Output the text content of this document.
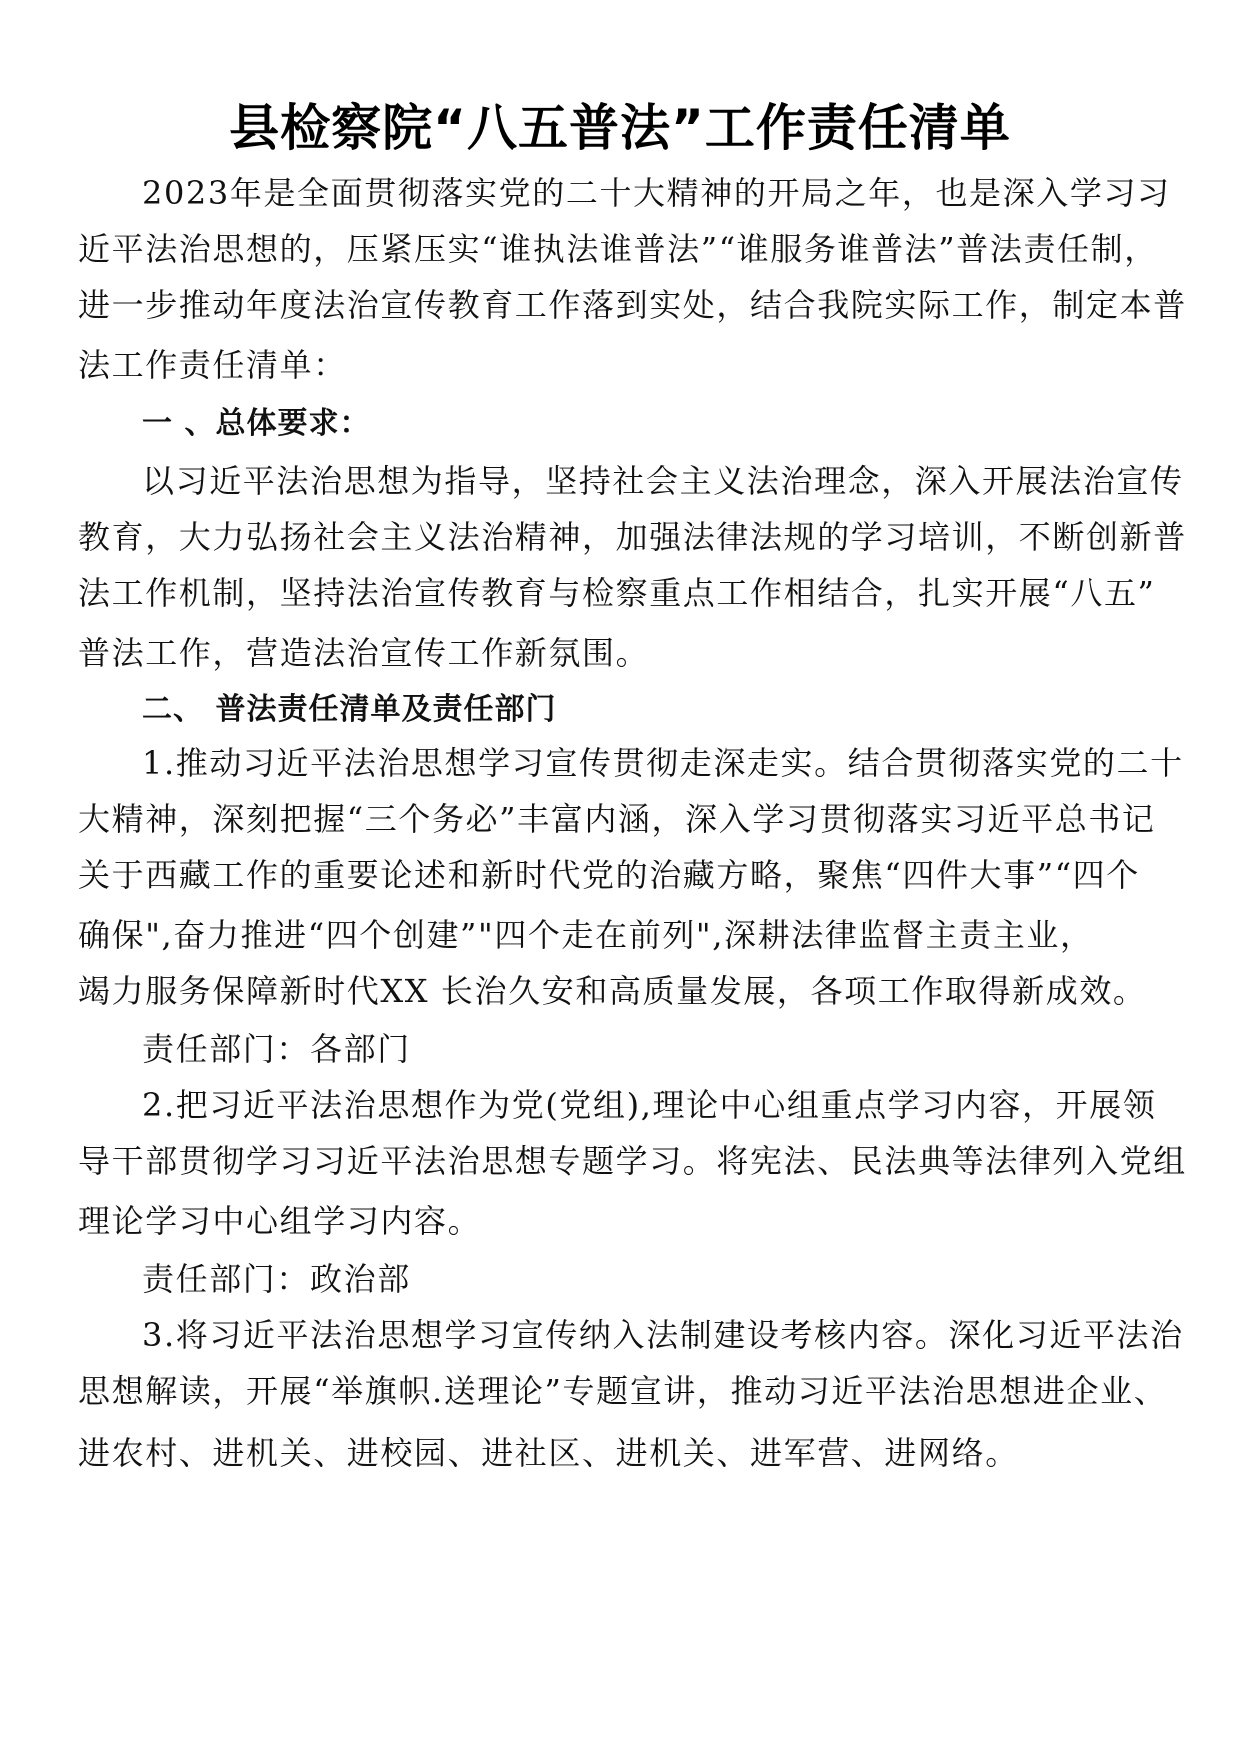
县检察院“八五普法”工作责任清单
2023年是全面贯彻落实党的二十大精神的开局之年，也是深入学习习
近平法治思想的，压紧压实“谁执法谁普法”“谁服务谁普法”普法责任制，
进一步推动年度法治宣传教育工作落到实处，结合我院实际工作，制定本普
法工作责任清单：
一 、总体要求：
以习近平法治思想为指导，坚持社会主义法治理念，深入开展法治宣传
教育，大力弘扬社会主义法治精神，加强法律法规的学习培训，不断创新普
法工作机制，坚持法治宣传教育与检察重点工作相结合，扎实开展“八五”
普法工作，营造法治宣传工作新氛围。
二、 普法责任清单及责任部门
1.推动习近平法治思想学习宣传贯彻走深走实。结合贯彻落实党的二十
大精神，深刻把握“三个务必”丰富内涵，深入学习贯彻落实习近平总书记
关于西藏工作的重要论述和新时代党的治藏方略，聚焦“四件大事”“四个
确保",奋力推进“四个创建”"四个走在前列",深耕法律监督主责主业，
竭力服务保障新时代XX 长治久安和高质量发展，各项工作取得新成效。
责任部门：各部门
2.把习近平法治思想作为党(党组),理论中心组重点学习内容，开展领
导干部贯彻学习习近平法治思想专题学习。将宪法、民法典等法律列入党组
理论学习中心组学习内容。
责任部门：政治部
3.将习近平法治思想学习宣传纳入法制建设考核内容。深化习近平法治
思想解读，开展“举旗帜.送理论”专题宣讲，推动习近平法治思想进企业、
进农村、进机关、进校园、进社区、进机关、进军营、进网络。
